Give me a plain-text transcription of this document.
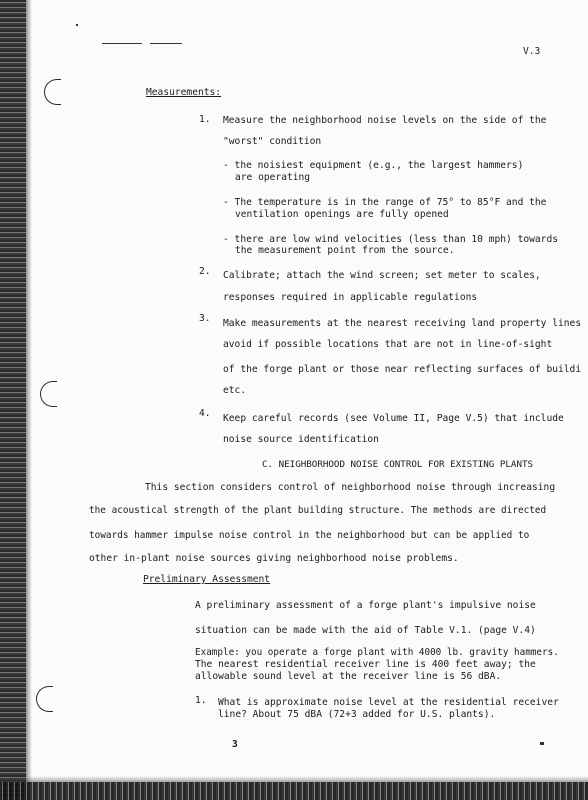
V.3
Measurements:
1. Measure the neighborhood noise levels on the side of the
"worst" condition
- the noisiest equipment (e.g., the largest hammers)
are operating
- The temperature is in the range of 75° to 85°F and the
ventilation openings are fully opened
- there are low wind velocities (less than 10 mph) towards
the measurement point from the source.
2. Calibrate; attach the wind screen; set meter to scales,
responses required in applicable regulations
3. Make measurements at the nearest receiving land property lines
avoid if possible locations that are not in line-of-sight
of the forge plant or those near reflecting surfaces of buildi
etc.
4. Keep careful records (see Volume II, Page V.5) that include
noise source identification
C. NEIGHBORHOOD NOISE CONTROL FOR EXISTING PLANTS
This section considers control of neighborhood noise through increasing
the acoustical strength of the plant building structure. The methods are directed
towards hammer impulse noise control in the neighborhood but can be applied to
other in-plant noise sources giving neighborhood noise problems.
Preliminary Assessment
A preliminary assessment of a forge plant's impulsive noise
situation can be made with the aid of Table V.1. (page V.4)
Example: you operate a forge plant with 4000 lb. gravity hammers.
The nearest residential receiver line is 400 feet away; the
allowable sound level at the receiver line is 56 dBA.
1. What is approximate noise level at the residential receiver
line? About 75 dBA (72+3 added for U.S. plants).
3
